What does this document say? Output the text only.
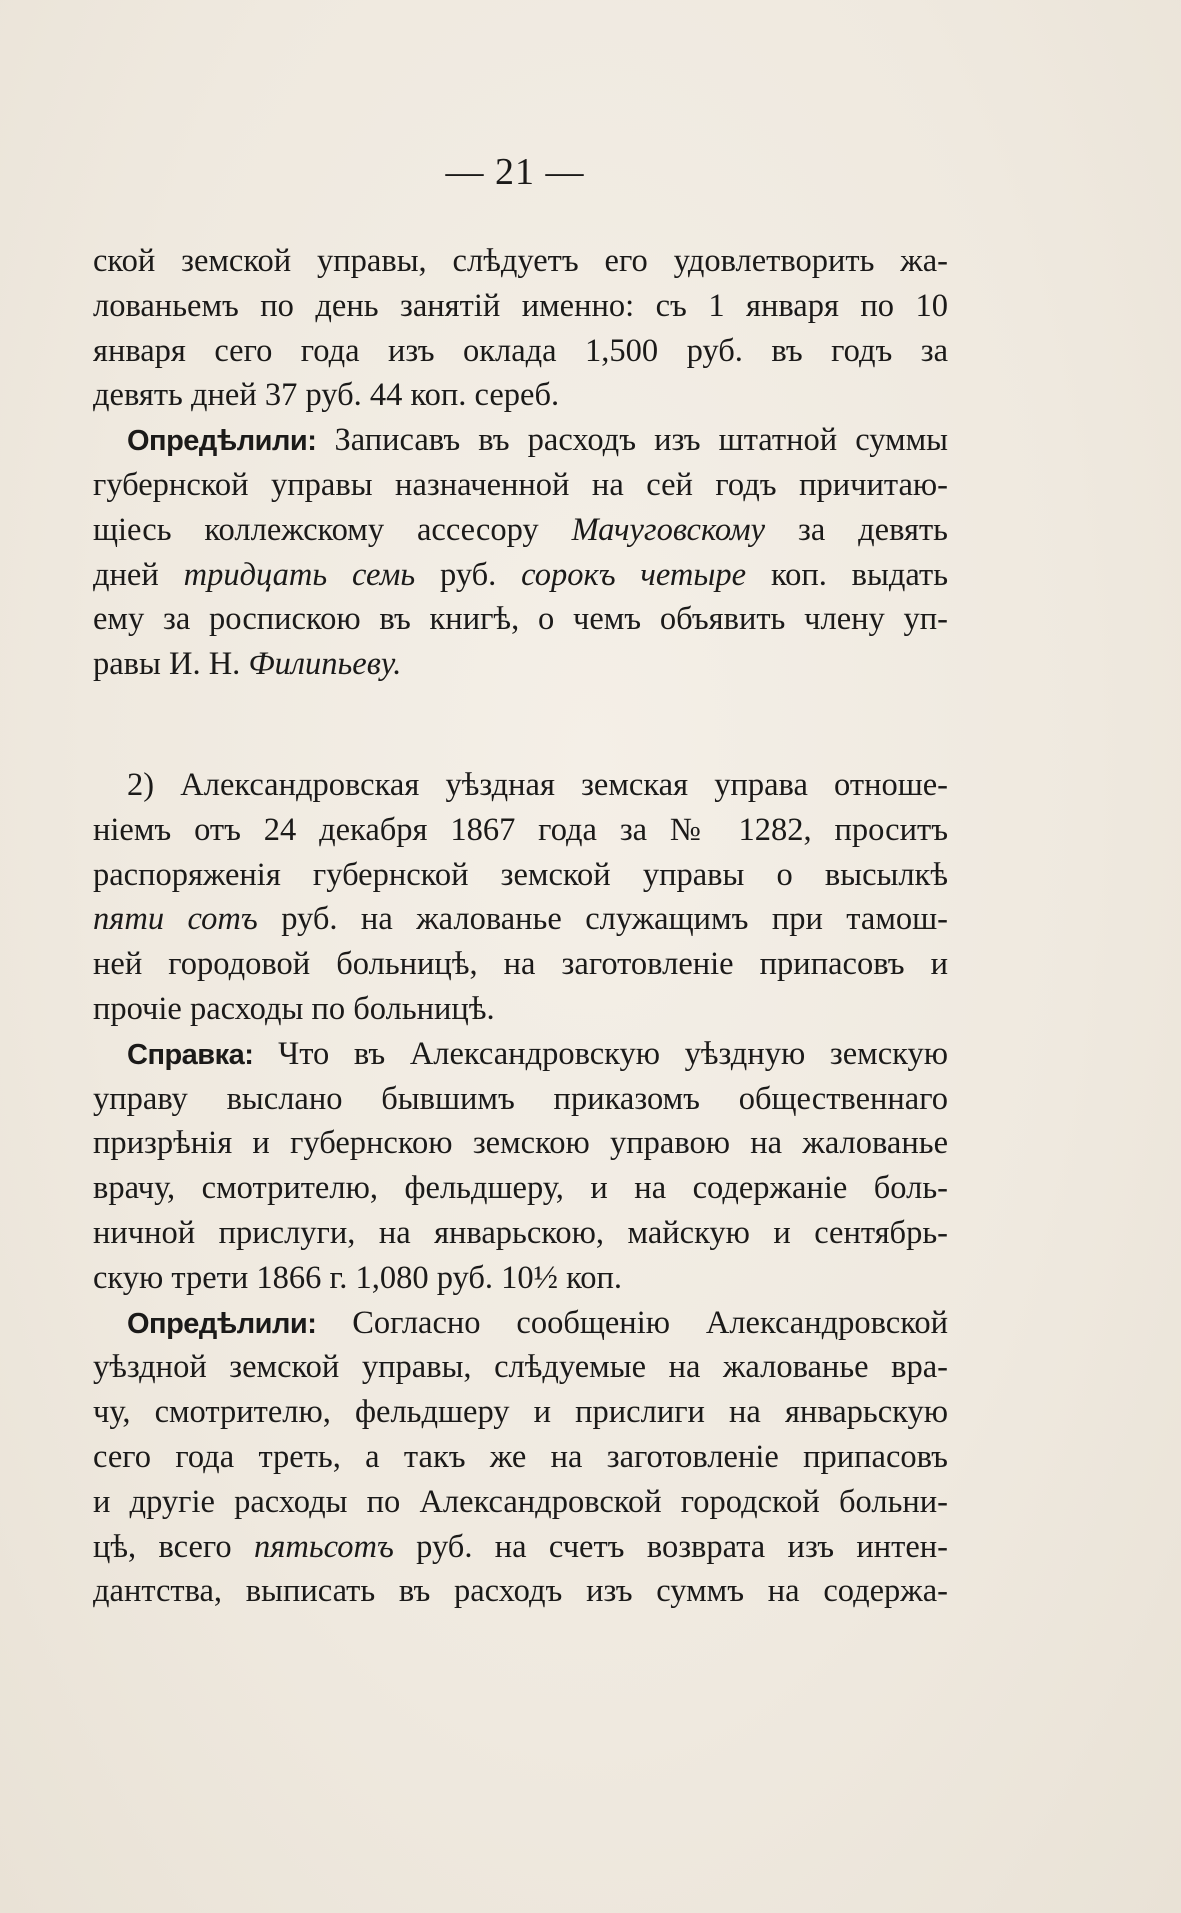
— 21 —
ской земской управы, слѣдуетъ его удовлетворить жа-
лованьемъ по день занятій именно: съ 1 января по 10
января сего года изъ оклада 1,500 руб. въ годъ за
девять дней 37 руб. 44 коп. сереб.
Опредѣлили: Записавъ въ расходъ изъ штатной суммы
губернской управы назначенной на сей годъ причитаю-
щіесь коллежскому ассесору Мачуговскому за девять
дней тридцать семь руб. сорокъ четыре коп. выдать
ему за роспискою въ книгѣ, о чемъ объявить члену уп-
равы И. Н. Филипьеву.
2) Александровская уѣздная земская управа отноше-
ніемъ отъ 24 декабря 1867 года за № 1282, проситъ
распоряженія губернской земской управы о высылкѣ
пяти сотъ руб. на жалованье служащимъ при тамош-
ней городовой больницѣ, на заготовленіе припасовъ и
прочіе расходы по больницѣ.
Справка: Что въ Александровскую уѣздную земскую
управу выслано бывшимъ приказомъ общественнаго
призрѣнія и губернскою земскою управою на жалованье
врачу, смотрителю, фельдшеру, и на содержаніе боль-
ничной прислуги, на январьскою, майскую и сентябрь-
скую трети 1866 г. 1,080 руб. 10½ коп.
Опредѣлили: Согласно сообщенію Александровской
уѣздной земской управы, слѣдуемые на жалованье вра-
чу, смотрителю, фельдшеру и прислиги на январьскую
сего года треть, а такъ же на заготовленіе припасовъ
и другіе расходы по Александровской городской больни-
цѣ, всего пятьсотъ руб. на счетъ возврата изъ интен-
дантства, выписать въ расходъ изъ суммъ на содержа-
